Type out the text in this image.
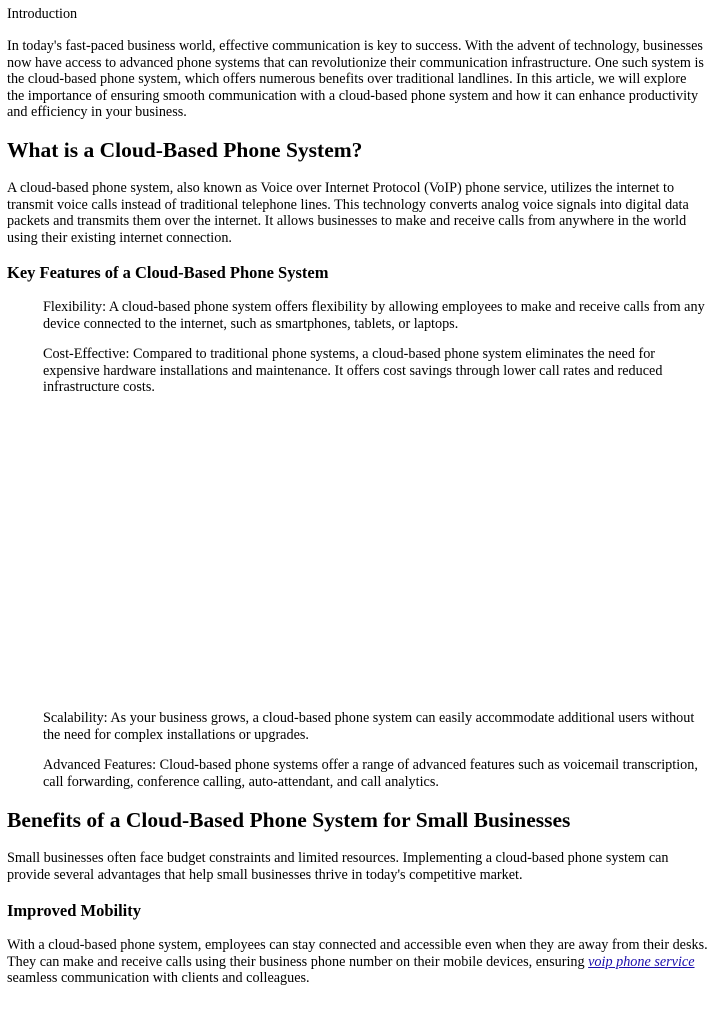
Introduction

In today's fast-paced business world, effective communication is key to success. With the advent of technology, businesses now have access to advanced phone systems that can revolutionize their communication infrastructure. One such system is the cloud-based phone system, which offers numerous benefits over traditional landlines. In this article, we will explore the importance of ensuring smooth communication with a cloud-based phone system and how it can enhance productivity and efficiency in your business.

What is a Cloud-Based Phone System?

A cloud-based phone system, also known as Voice over Internet Protocol (VoIP) phone service, utilizes the internet to transmit voice calls instead of traditional telephone lines. This technology converts analog voice signals into digital data packets and transmits them over the internet. It allows businesses to make and receive calls from anywhere in the world using their existing internet connection.

Key Features of a Cloud-Based Phone System

Flexibility: A cloud-based phone system offers flexibility by allowing employees to make and receive calls from any device connected to the internet, such as smartphones, tablets, or laptops.

Cost-Effective: Compared to traditional phone systems, a cloud-based phone system eliminates the need for expensive hardware installations and maintenance. It offers cost savings through lower call rates and reduced infrastructure costs.

Scalability: As your business grows, a cloud-based phone system can easily accommodate additional users without the need for complex installations or upgrades.

Advanced Features: Cloud-based phone systems offer a range of advanced features such as voicemail transcription, call forwarding, conference calling, auto-attendant, and call analytics.

Benefits of a Cloud-Based Phone System for Small Businesses

Small businesses often face budget constraints and limited resources. Implementing a cloud-based phone system can provide several advantages that help small businesses thrive in today's competitive market.

Improved Mobility

With a cloud-based phone system, employees can stay connected and accessible even when they are away from their desks. They can make and receive calls using their business phone number on their mobile devices, ensuring voip phone service seamless communication with clients and colleagues.
